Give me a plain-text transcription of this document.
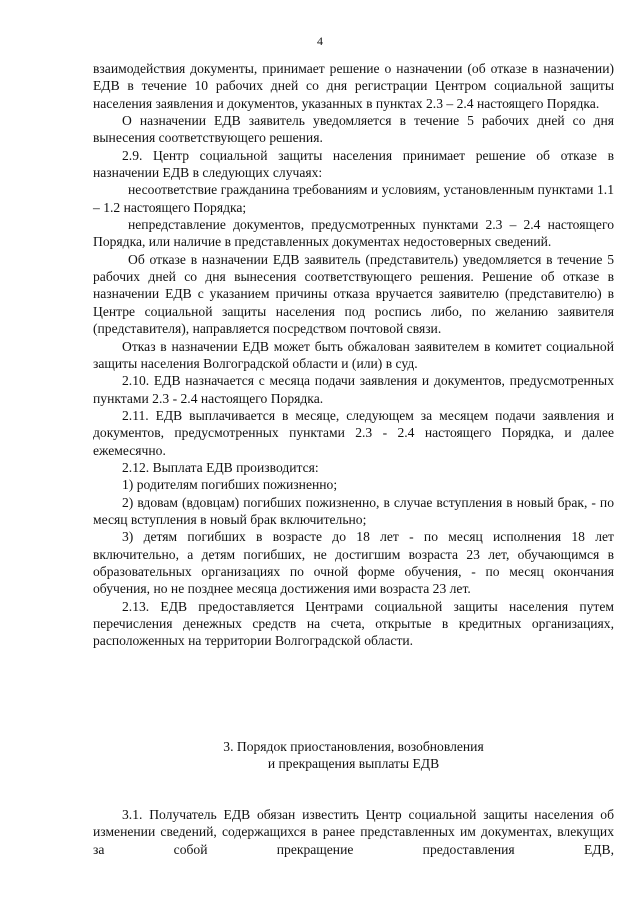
4

взаимодействия документы, принимает решение о назначении (об отказе в назначении) ЕДВ в течение 10 рабочих дней со дня регистрации Центром социальной защиты населения заявления и документов, указанных в пунктах 2.3 – 2.4 настоящего Порядка.

О назначении ЕДВ заявитель уведомляется в течение 5 рабочих дней со дня вынесения соответствующего решения.

2.9. Центр социальной защиты населения принимает решение об отказе в назначении ЕДВ в следующих случаях:

несоответствие гражданина требованиям и условиям, установленным пунктами 1.1 – 1.2 настоящего Порядка;

непредставление документов, предусмотренных пунктами 2.3 – 2.4 настоящего Порядка, или наличие в представленных документах недостоверных сведений.

Об отказе в назначении ЕДВ заявитель (представитель) уведомляется в течение 5 рабочих дней со дня вынесения соответствующего решения. Решение об отказе в назначении ЕДВ с указанием причины отказа вручается заявителю (представителю) в Центре социальной защиты населения под роспись либо, по желанию заявителя (представителя), направляется посредством почтовой связи.

Отказ в назначении ЕДВ может быть обжалован заявителем в комитет социальной защиты населения Волгоградской области и (или) в суд.

2.10. ЕДВ назначается с месяца подачи заявления и документов, предусмотренных пунктами 2.3 - 2.4 настоящего Порядка.

2.11. ЕДВ выплачивается в месяце, следующем за месяцем подачи заявления и документов, предусмотренных пунктами 2.3 - 2.4 настоящего Порядка, и далее ежемесячно.

2.12. Выплата ЕДВ производится:

1) родителям погибших пожизненно;

2) вдовам (вдовцам) погибших пожизненно, в случае вступления в новый брак, - по месяц вступления в новый брак включительно;

3) детям погибших в возрасте до 18 лет - по месяц исполнения 18 лет включительно, а детям погибших, не достигшим возраста 23 лет, обучающимся в образовательных организациях по очной форме обучения, - по месяц окончания обучения, но не позднее месяца достижения ими возраста 23 лет.

2.13. ЕДВ предоставляется Центрами социальной защиты населения путем перечисления денежных средств на счета, открытые в кредитных организациях, расположенных на территории Волгоградской области.

3. Порядок приостановления, возобновления
и прекращения выплаты ЕДВ

3.1. Получатель ЕДВ обязан известить Центр социальной защиты населения об изменении сведений, содержащихся в ранее представленных им документах, влекущих за собой прекращение предоставления ЕДВ,
